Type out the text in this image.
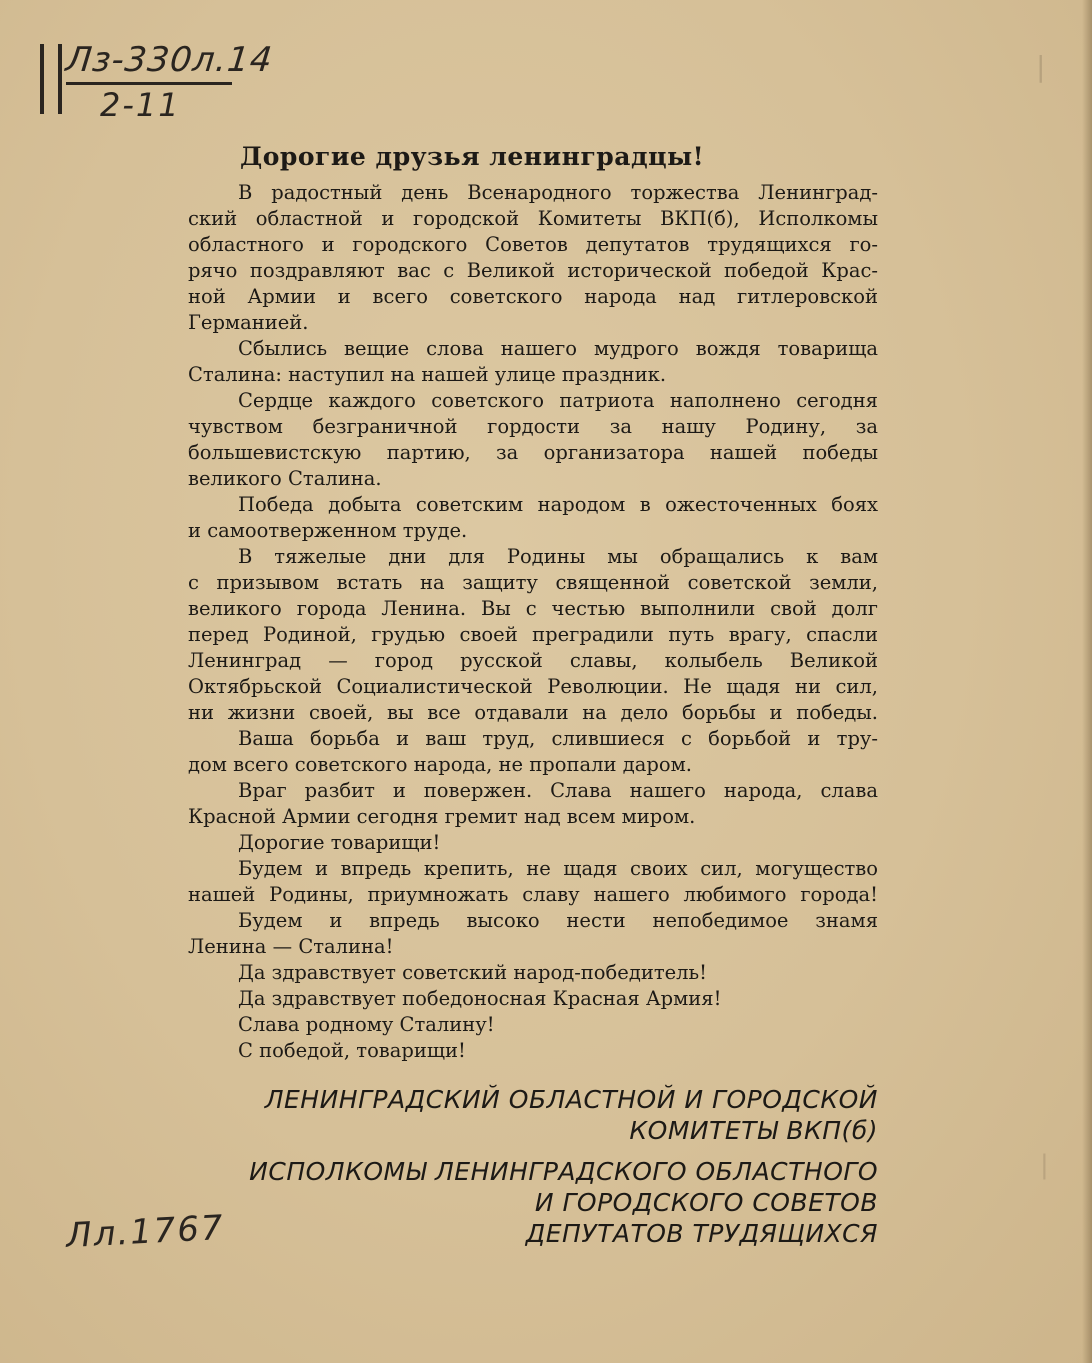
Лз-330л.14
2-11
|
|
Дорогие друзья ленинградцы!
В радостный день Всенародного торжества Ленинград-
ский областной и городской Комитеты ВКП(б), Исполкомы
областного и городского Советов депутатов трудящихся го-
рячо поздравляют вас с Великой исторической победой Крас-
ной Армии и всего советского народа над гитлеровской
Германией.
Сбылись вещие слова нашего мудрого вождя товарища
Сталина: наступил на нашей улице праздник.
Сердце каждого советского патриота наполнено сегодня
чувством безграничной гордости за нашу Родину, за
большевистскую партию, за организатора нашей победы
великого Сталина.
Победа добыта советским народом в ожесточенных боях
и самоотверженном труде.
В тяжелые дни для Родины мы обращались к вам
с призывом встать на защиту священной советской земли,
великого города Ленина. Вы с честью выполнили свой долг
перед Родиной, грудью своей преградили путь врагу, спасли
Ленинград — город русской славы, колыбель Великой
Октябрьской Социалистической Революции. Не щадя ни сил,
ни жизни своей, вы все отдавали на дело борьбы и победы.
Ваша борьба и ваш труд, слившиеся с борьбой и тру-
дом всего советского народа, не пропали даром.
Враг разбит и повержен. Слава нашего народа, слава
Красной Армии сегодня гремит над всем миром.
Дорогие товарищи!
Будем и впредь крепить, не щадя своих сил, могущество
нашей Родины, приумножать славу нашего любимого города!
Будем и впредь высоко нести непобедимое знамя
Ленина — Сталина!
Да здравствует советский народ-победитель!
Да здравствует победоносная Красная Армия!
Слава родному Сталину!
С победой, товарищи!
ЛЕНИНГРАДСКИЙ ОБЛАСТНОЙ И ГОРОДСКОЙ
КОМИТЕТЫ ВКП(б)
ИСПОЛКОМЫ ЛЕНИНГРАДСКОГО ОБЛАСТНОГО
И ГОРОДСКОГО СОВЕТОВ
ДЕПУТАТОВ ТРУДЯЩИХСЯ
Лл.1767
